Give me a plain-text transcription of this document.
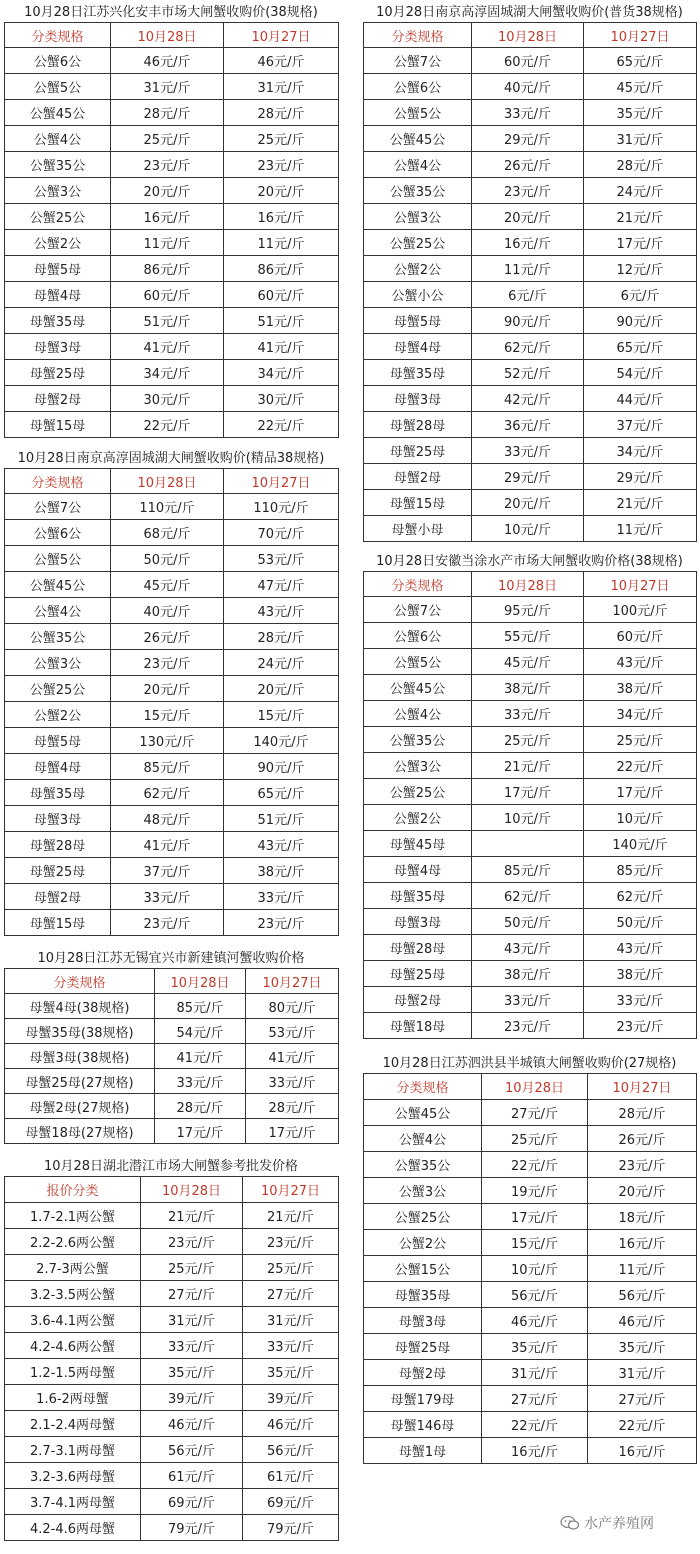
10月28日江苏兴化安丰市场大闸蟹收购价(38规格)
分类规格	10月28日	10月27日
公蟹6公	46元/斤	46元/斤
公蟹5公	31元/斤	31元/斤
公蟹45公	28元/斤	28元/斤
公蟹4公	25元/斤	25元/斤
公蟹35公	23元/斤	23元/斤
公蟹3公	20元/斤	20元/斤
公蟹25公	16元/斤	16元/斤
公蟹2公	11元/斤	11元/斤
母蟹5母	86元/斤	86元/斤
母蟹4母	60元/斤	60元/斤
母蟹35母	51元/斤	51元/斤
母蟹3母	41元/斤	41元/斤
母蟹25母	34元/斤	34元/斤
母蟹2母	30元/斤	30元/斤
母蟹15母	22元/斤	22元/斤
10月28日南京高淳固城湖大闸蟹收购价(精品38规格)
分类规格	10月28日	10月27日
公蟹7公	110元/斤	110元/斤
公蟹6公	68元/斤	70元/斤
公蟹5公	50元/斤	53元/斤
公蟹45公	45元/斤	47元/斤
公蟹4公	40元/斤	43元/斤
公蟹35公	26元/斤	28元/斤
公蟹3公	23元/斤	24元/斤
公蟹25公	20元/斤	20元/斤
公蟹2公	15元/斤	15元/斤
母蟹5母	130元/斤	140元/斤
母蟹4母	85元/斤	90元/斤
母蟹35母	62元/斤	65元/斤
母蟹3母	48元/斤	51元/斤
母蟹28母	41元/斤	43元/斤
母蟹25母	37元/斤	38元/斤
母蟹2母	33元/斤	33元/斤
母蟹15母	23元/斤	23元/斤
10月28日江苏无锡宜兴市新建镇河蟹收购价格
分类规格	10月28日	10月27日
母蟹4母(38规格)	85元/斤	80元/斤
母蟹35母(38规格)	54元/斤	53元/斤
母蟹3母(38规格)	41元/斤	41元/斤
母蟹25母(27规格)	33元/斤	33元/斤
母蟹2母(27规格)	28元/斤	28元/斤
母蟹18母(27规格)	17元/斤	17元/斤
10月28日湖北潜江市场大闸蟹参考批发价格
报价分类	10月28日	10月27日
1.7-2.1两公蟹	21元/斤	21元/斤
2.2-2.6两公蟹	23元/斤	23元/斤
2.7-3两公蟹	25元/斤	25元/斤
3.2-3.5两公蟹	27元/斤	27元/斤
3.6-4.1两公蟹	31元/斤	31元/斤
4.2-4.6两公蟹	33元/斤	33元/斤
1.2-1.5两母蟹	35元/斤	35元/斤
1.6-2两母蟹	39元/斤	39元/斤
2.1-2.4两母蟹	46元/斤	46元/斤
2.7-3.1两母蟹	56元/斤	56元/斤
3.2-3.6两母蟹	61元/斤	61元/斤
3.7-4.1两母蟹	69元/斤	69元/斤
4.2-4.6两母蟹	79元/斤	79元/斤
10月28日南京高淳固城湖大闸蟹收购价(普货38规格)
分类规格	10月28日	10月27日
公蟹7公	60元/斤	65元/斤
公蟹6公	40元/斤	45元/斤
公蟹5公	33元/斤	35元/斤
公蟹45公	29元/斤	31元/斤
公蟹4公	26元/斤	28元/斤
公蟹35公	23元/斤	24元/斤
公蟹3公	20元/斤	21元/斤
公蟹25公	16元/斤	17元/斤
公蟹2公	11元/斤	12元/斤
公蟹小公	6元/斤	6元/斤
母蟹5母	90元/斤	90元/斤
母蟹4母	62元/斤	65元/斤
母蟹35母	52元/斤	54元/斤
母蟹3母	42元/斤	44元/斤
母蟹28母	36元/斤	37元/斤
母蟹25母	33元/斤	34元/斤
母蟹2母	29元/斤	29元/斤
母蟹15母	20元/斤	21元/斤
母蟹小母	10元/斤	11元/斤
10月28日安徽当涂水产市场大闸蟹收购价格(38规格)
分类规格	10月28日	10月27日
公蟹7公	95元/斤	100元/斤
公蟹6公	55元/斤	60元/斤
公蟹5公	45元/斤	43元/斤
公蟹45公	38元/斤	38元/斤
公蟹4公	33元/斤	34元/斤
公蟹35公	25元/斤	25元/斤
公蟹3公	21元/斤	22元/斤
公蟹25公	17元/斤	17元/斤
公蟹2公	10元/斤	10元/斤
母蟹45母		140元/斤
母蟹4母	85元/斤	85元/斤
母蟹35母	62元/斤	62元/斤
母蟹3母	50元/斤	50元/斤
母蟹28母	43元/斤	43元/斤
母蟹25母	38元/斤	38元/斤
母蟹2母	33元/斤	33元/斤
母蟹18母	23元/斤	23元/斤
10月28日江苏泗洪县半城镇大闸蟹收购价(27规格)
分类规格	10月28日	10月27日
公蟹45公	27元/斤	28元/斤
公蟹4公	25元/斤	26元/斤
公蟹35公	22元/斤	23元/斤
公蟹3公	19元/斤	20元/斤
公蟹25公	17元/斤	18元/斤
公蟹2公	15元/斤	16元/斤
公蟹15公	10元/斤	11元/斤
母蟹35母	56元/斤	56元/斤
母蟹3母	46元/斤	46元/斤
母蟹25母	35元/斤	35元/斤
母蟹2母	31元/斤	31元/斤
母蟹179母	27元/斤	27元/斤
母蟹146母	22元/斤	22元/斤
母蟹1母	16元/斤	16元/斤
水产养殖网
